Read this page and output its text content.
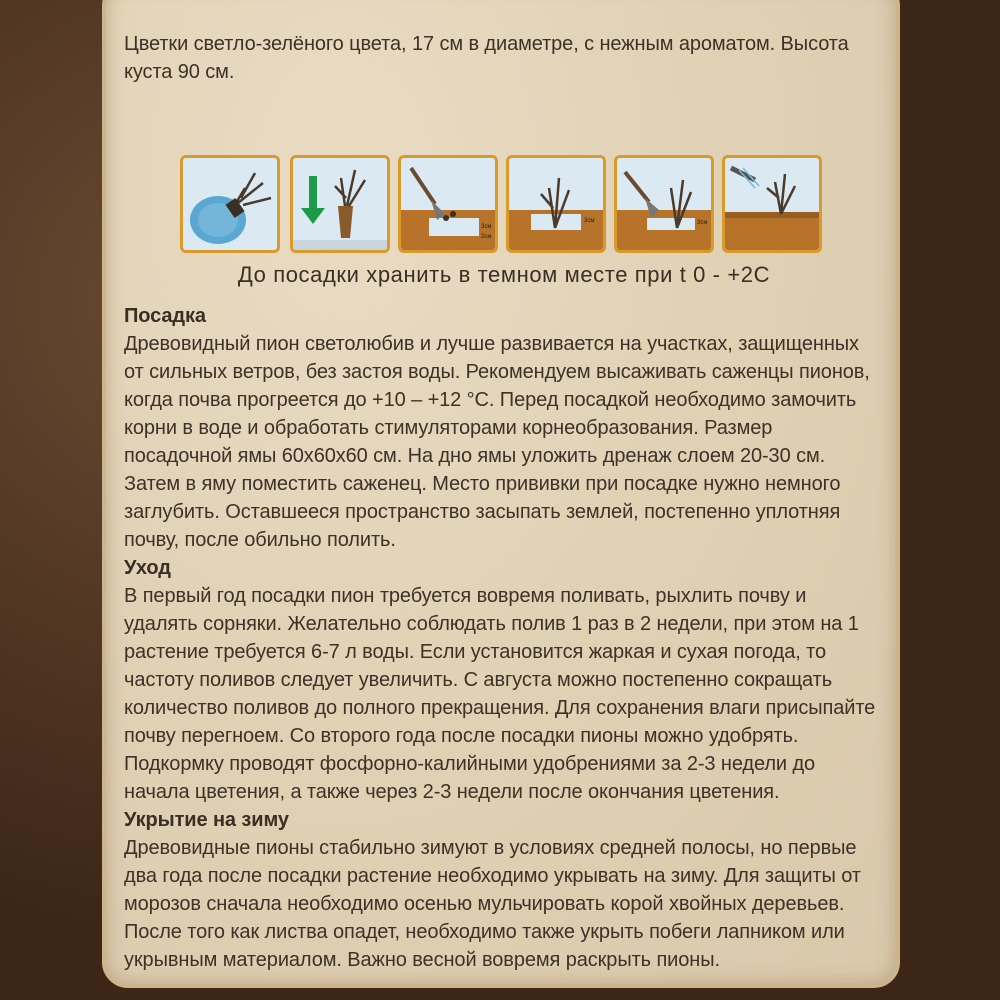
Цветки светло-зелёного цвета, 17 см в диаметре, с нежным ароматом. Высота куста 90 см.
3см
2см
3см	3см
До посадки хранить в темном месте при t 0 - +2C
Посадка
Древовидный пион светолюбив и лучше развивается на участках, защищенных от сильных ветров, без застоя воды. Рекомендуем высаживать саженцы пионов, когда почва прогреется до +10 – +12 °С. Перед посадкой необходимо замочить корни в воде и обработать стимуляторами корнеобразования. Размер посадочной ямы 60х60х60 см. На дно ямы уложить дренаж слоем 20-30 см. Затем в яму поместить саженец. Место прививки при посадке нужно немного заглубить. Оставшееся пространство засыпать землей, постепенно уплотняя почву, после обильно полить.
Уход
В первый год посадки пион требуется вовремя поливать, рыхлить почву и удалять сорняки. Желательно соблюдать полив 1 раз в 2 недели, при этом на 1 растение требуется 6-7 л воды. Если установится жаркая и сухая погода, то частоту поливов следует увеличить. С августа можно постепенно сокращать количество поливов до полного прекращения. Для сохранения влаги присыпайте почву перегноем. Со второго года после посадки пионы можно удобрять. Подкормку проводят фосфорно-калийными удобрениями за 2-3 недели до начала цветения, а также через 2-3 недели после окончания цветения.
Укрытие на зиму
Древовидные пионы стабильно зимуют в условиях средней полосы, но первые два года после посадки растение необходимо укрывать на зиму. Для защиты от морозов сначала необходимо осенью мульчировать корой хвойных деревьев. После того как листва опадет, необходимо также укрыть побеги лапником или укрывным материалом. Важно весной вовремя раскрыть пионы.
